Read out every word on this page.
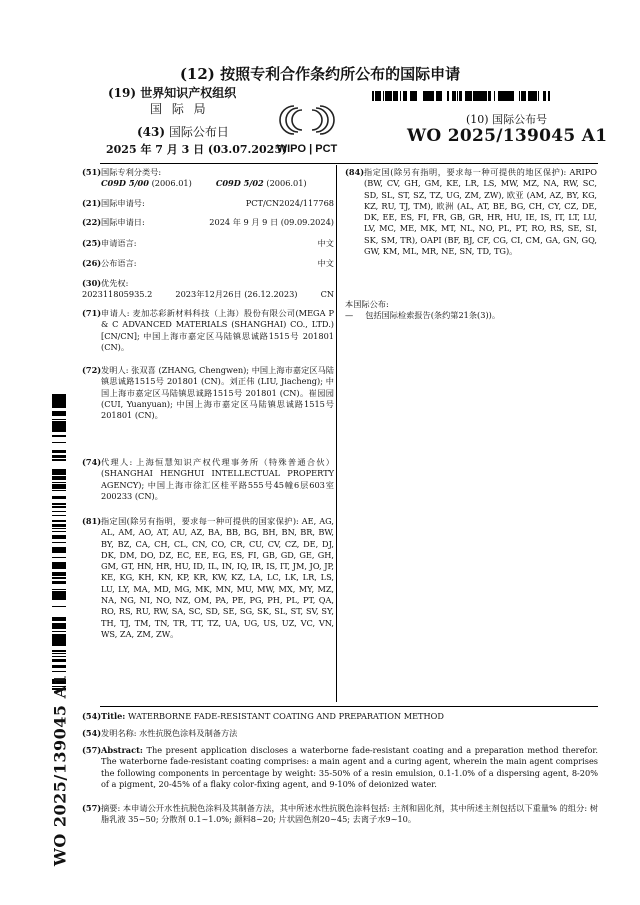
(12) 按照专利合作条约所公布的国际申请
(19) 世界知识产权组织
国 际 局
(43) 国际公布日
2025 年 7 月 3 日 (03.07.2025)
WIPO | PCT
(10) 国际公布号
WO 2025/139045 A1
WO 2025/139045 A1
(51) 国际专利分类号:
C09D 5/00 (2006.01)	C09D 5/02 (2006.01)
(21) 国际申请号:	PCT/CN2024/117768
(22) 国际申请日:	2024 年 9 月 9 日 (09.09.2024)
(25) 申请语言:	中文
(26) 公布语言:	中文
(30) 优先权:
202311805935.2	2023年12月26日 (26.12.2023)	CN
(71) 申请人: 麦加芯彩新材料科技（上海）股份有限公司(MEGA P & C ADVANCED MATERIALS (SHANGHAI) CO., LTD.) [CN/CN]; 中国上海市嘉定区马陆镇思诚路1515号 201801 (CN)。
(72) 发明人: 张双喜 (ZHANG, Chengwen); 中国上海市嘉定区马陆镇思诚路1515号 201801 (CN)。刘正伟 (LIU, Jiacheng); 中国上海市嘉定区马陆镇思诚路1515号 201801 (CN)。崔园园 (CUI, Yuanyuan); 中国上海市嘉定区马陆镇思诚路1515号 201801 (CN)。
(74) 代理人: 上海恒慧知识产权代理事务所（特殊普通合伙）(SHANGHAI HENGHUI INTELLECTUAL PROPERTY AGENCY); 中国上海市徐汇区桂平路555号45幢6层603室 200233 (CN)。
(81) 指定国(除另有指明，要求每一种可提供的国家保护): AE, AG, AL, AM, AO, AT, AU, AZ, BA, BB, BG, BH, BN, BR, BW, BY, BZ, CA, CH, CL, CN, CO, CR, CU, CV, CZ, DE, DJ, DK, DM, DO, DZ, EC, EE, EG, ES, FI, GB, GD, GE, GH, GM, GT, HN, HR, HU, ID, IL, IN, IQ, IR, IS, IT, JM, JO, JP, KE, KG, KH, KN, KP, KR, KW, KZ, LA, LC, LK, LR, LS, LU, LY, MA, MD, MG, MK, MN, MU, MW, MX, MY, MZ, NA, NG, NI, NO, NZ, OM, PA, PE, PG, PH, PL, PT, QA, RO, RS, RU, RW, SA, SC, SD, SE, SG, SK, SL, ST, SV, SY, TH, TJ, TM, TN, TR, TT, TZ, UA, UG, US, UZ, VC, VN, WS, ZA, ZM, ZW。
(84) 指定国(除另有指明，要求每一种可提供的地区保护): ARIPO (BW, CV, GH, GM, KE, LR, LS, MW, MZ, NA, RW, SC, SD, SL, ST, SZ, TZ, UG, ZM, ZW), 欧亚 (AM, AZ, BY, KG, KZ, RU, TJ, TM), 欧洲 (AL, AT, BE, BG, CH, CY, CZ, DE, DK, EE, ES, FI, FR, GB, GR, HR, HU, IE, IS, IT, LT, LU, LV, MC, ME, MK, MT, NL, NO, PL, PT, RO, RS, SE, SI, SK, SM, TR), OAPI (BF, BJ, CF, CG, CI, CM, GA, GN, GQ, GW, KM, ML, MR, NE, SN, TD, TG)。
本国际公布:
— 包括国际检索报告(条约第21条(3))。
(54) Title: WATERBORNE FADE-RESISTANT COATING AND PREPARATION METHOD
(54) 发明名称: 水性抗脱色涂料及制备方法
(57) Abstract: The present application discloses a waterborne fade-resistant coating and a preparation method therefor. The waterborne fade-resistant coating comprises: a main agent and a curing agent, wherein the main agent comprises the following components in percentage by weight: 35-50% of a resin emulsion, 0.1-1.0% of a dispersing agent, 8-20% of a pigment, 20-45% of a flaky color-fixing agent, and 9-10% of deionized water.
(57) 摘要: 本申请公开水性抗脱色涂料及其制备方法，其中所述水性抗脱色涂料包括: 主剂和固化剂，其中所述主剂包括以下重量% 的组分: 树脂乳液 35~50; 分散剂 0.1~1.0%; 颜料8~20; 片状固色剂20~45; 去离子水9~10。
